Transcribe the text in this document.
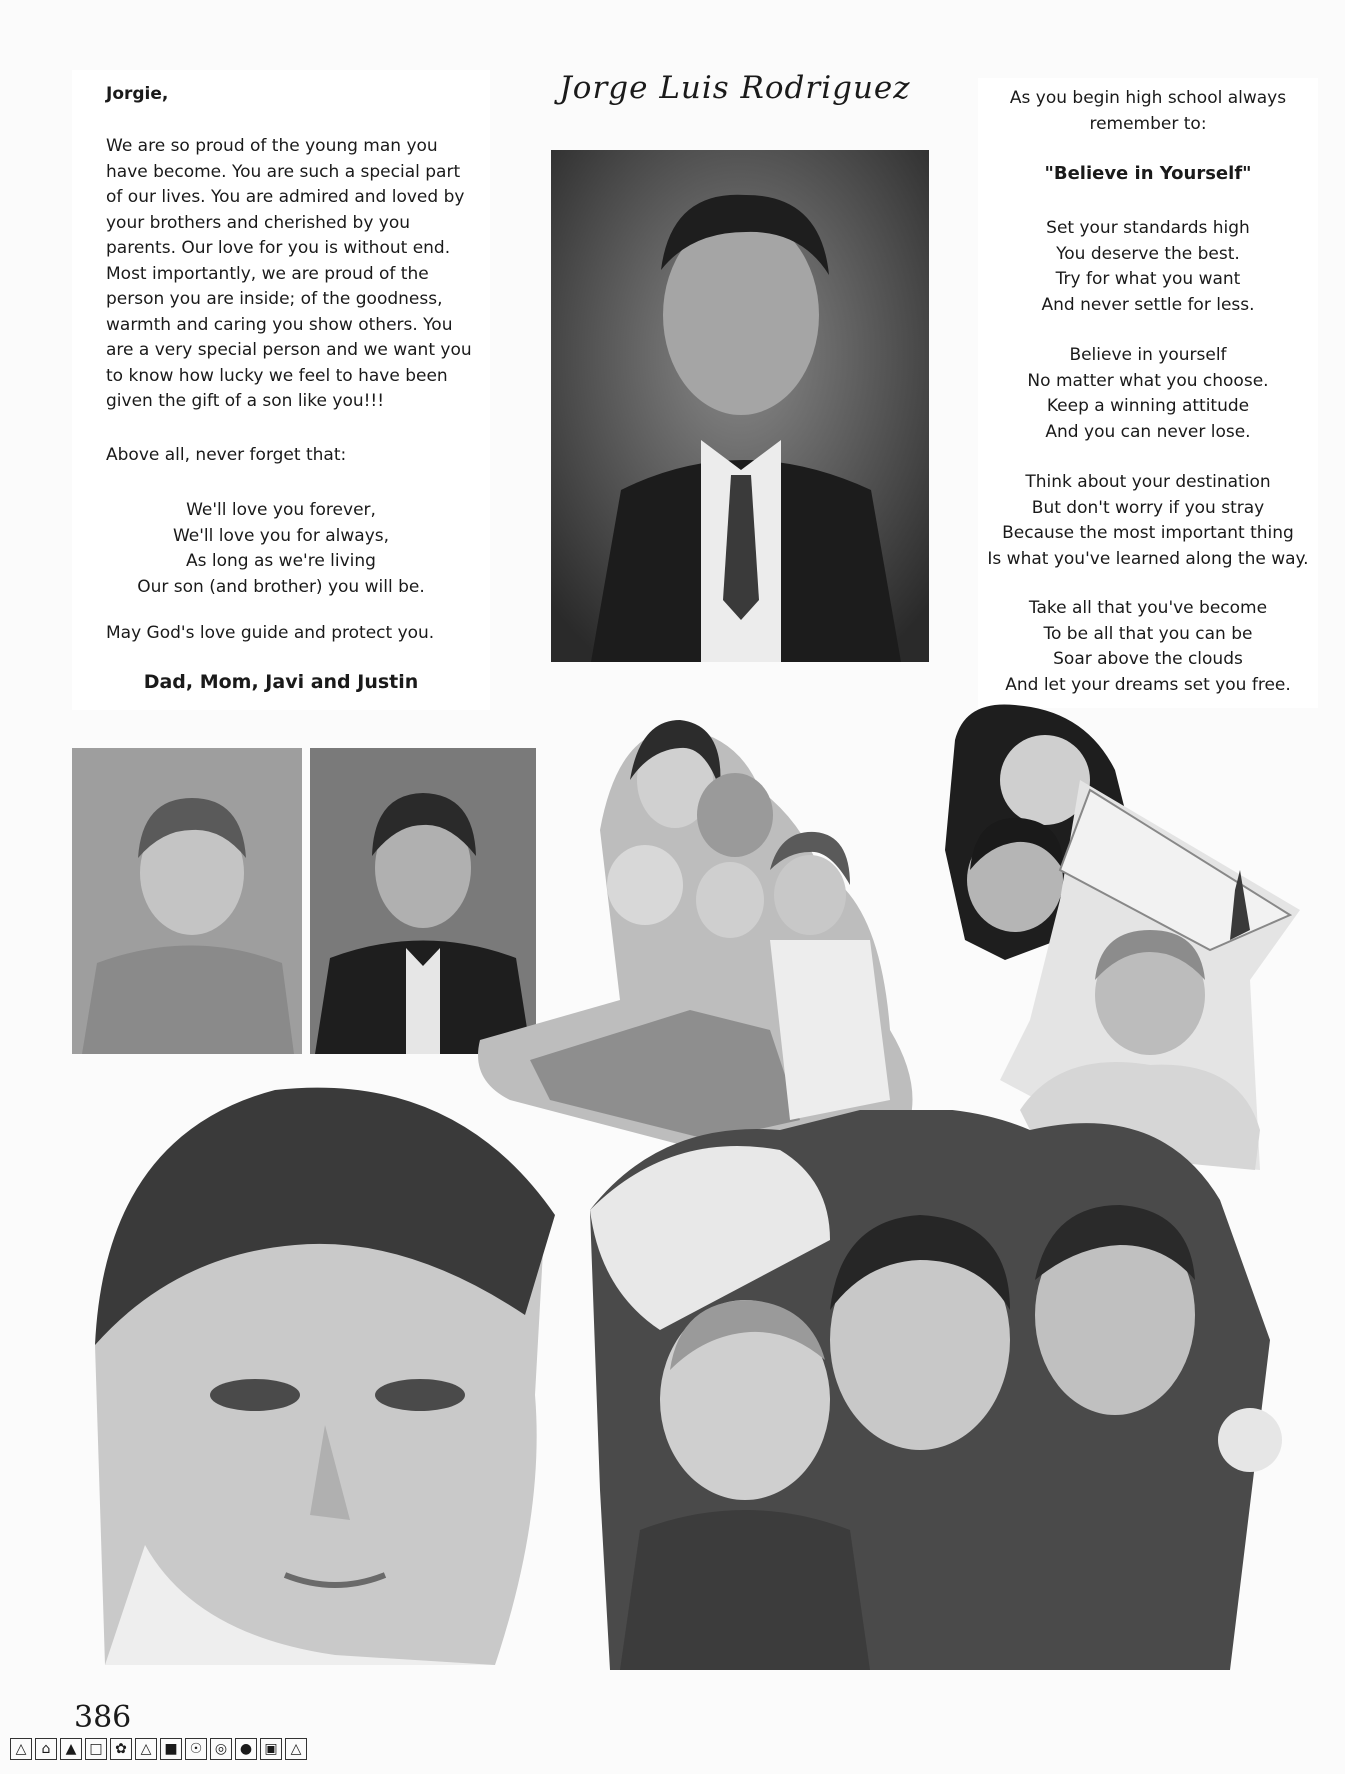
Jorge Luis Rodriguez

Jorgie,

We are so proud of the young man you have become. You are such a special part of our lives. You are admired and loved by your brothers and cherished by you parents. Our love for you is without end. Most importantly, we are proud of the person you are inside; of the goodness, warmth and caring you show others. You are a very special person and we want you to know how lucky we feel to have been given the gift of a son like you!!!

Above all, never forget that:

We'll love you forever,

We'll love you for always,

As long as we're living

Our son (and brother) you will be.

May God's love guide and protect you.

Dad, Mom, Javi and Justin

As you begin high school always

remember to:

"Believe in Yourself"

Set your standards high

You deserve the best.

Try for what you want

And never settle for less.

Believe in yourself

No matter what you choose.

Keep a winning attitude

And you can never lose.

Think about your destination

But don't worry if you stray

Because the most important thing

Is what you've learned along the way.

Take all that you've become

To be all that you can be

Soar above the clouds

And let your dreams set you free.

386
△	⌂	▲ □ ✿ △ ■ ☉ ◎ ● ▣ △
